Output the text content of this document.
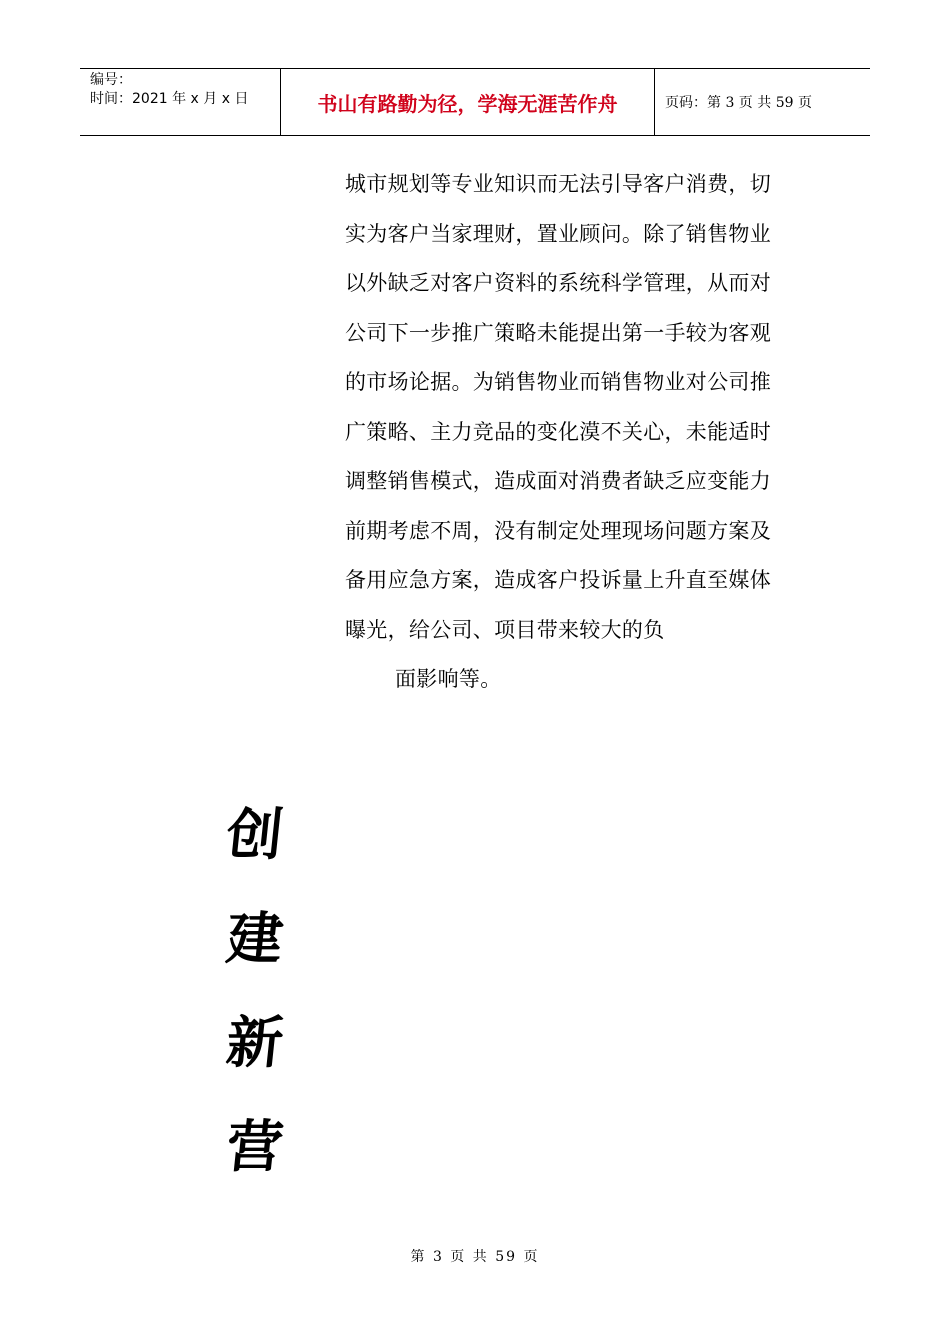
编号：
时间：2021 年 x 月 x 日	书山有路勤为径，学海无涯苦作舟	页码：第 3 页 共 59 页
城市规划等专业知识而无法引导客户消费，切
实为客户当家理财，置业顾问。除了销售物业
以外缺乏对客户资料的系统科学管理，从而对
公司下一步推广策略未能提出第一手较为客观
的市场论据。为销售物业而销售物业对公司推
广策略、主力竞品的变化漠不关心，未能适时
调整销售模式，造成面对消费者缺乏应变能力
前期考虑不周，没有制定处理现场问题方案及
备用应急方案，造成客户投诉量上升直至媒体
曝光，给公司、项目带来较大的负
面影响等。
创
建
新
营
第 3 页 共 59 页
